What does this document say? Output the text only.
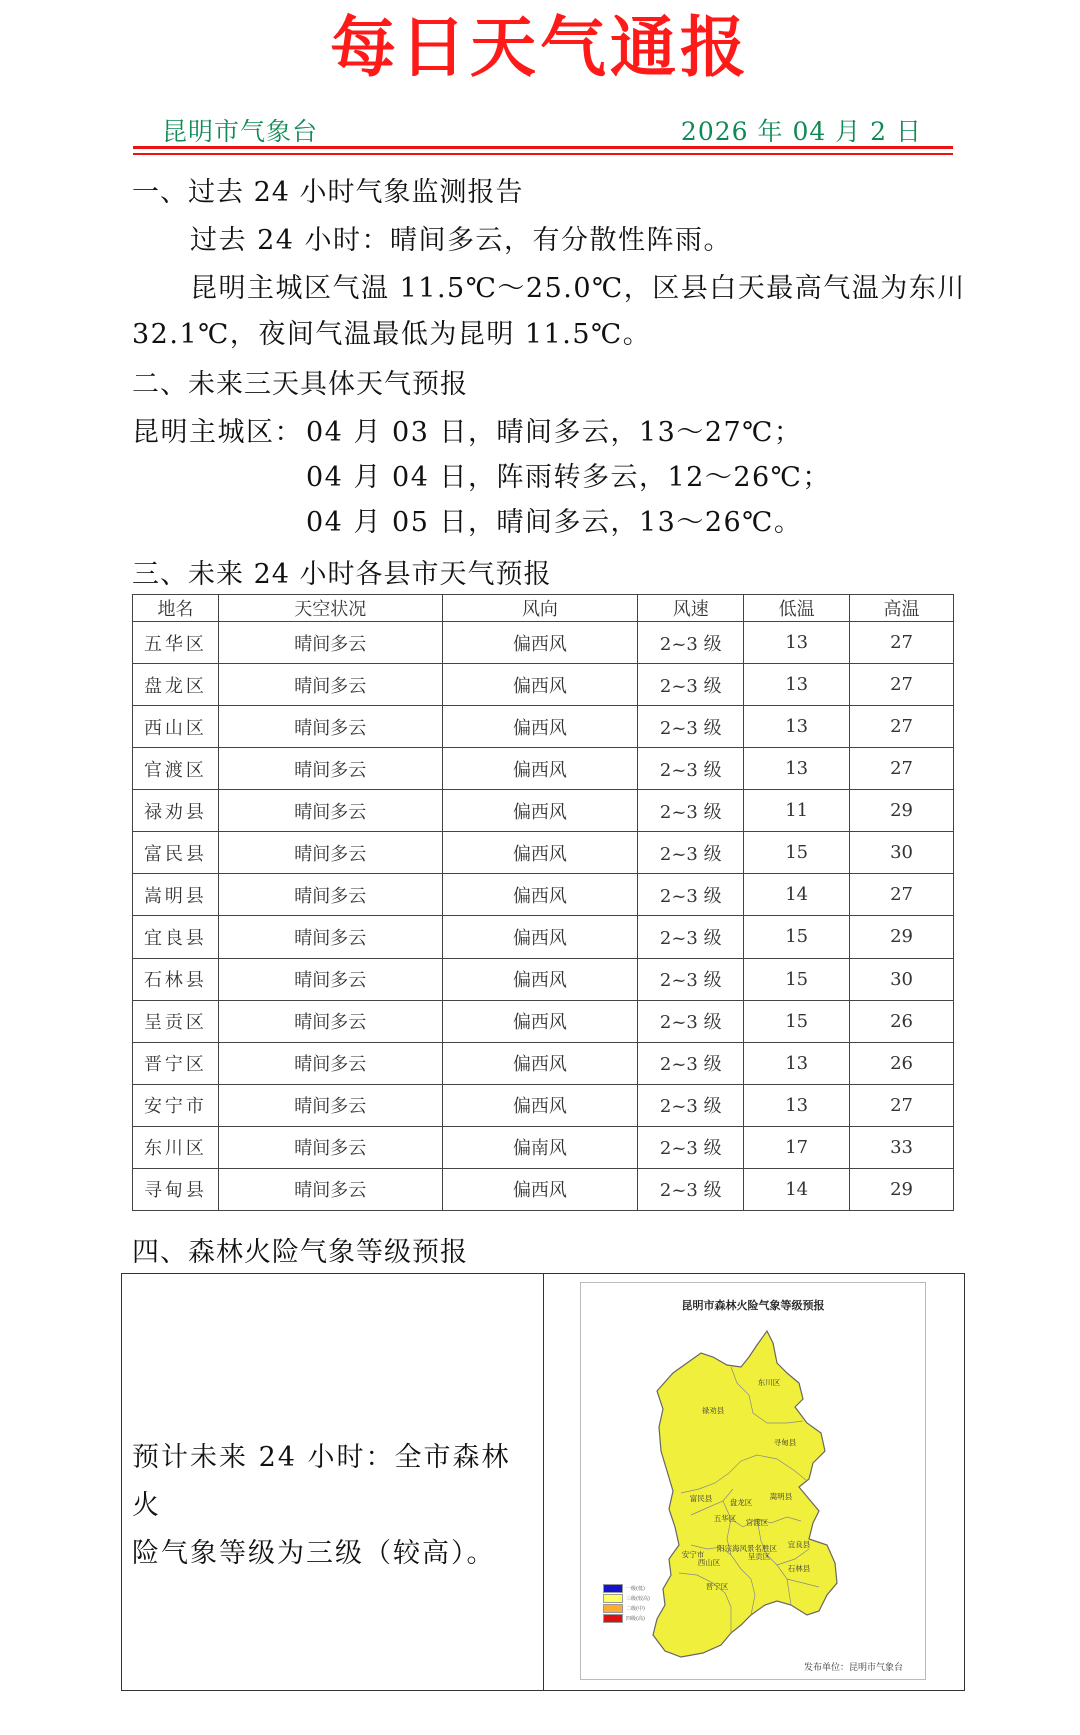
每日天气通报
昆明市气象台	2026 年 04 月 2 日
一、过去 24 小时气象监测报告
过去 24 小时：晴间多云，有分散性阵雨。
昆明主城区气温 11.5℃～25.0℃，区县白天最高气温为东川
32.1℃，夜间气温最低为昆明 11.5℃。
二、未来三天具体天气预报
昆明主城区： 04 月 03 日，晴间多云，13～27℃；
04 月 04 日，阵雨转多云，12～26℃；
04 月 05 日，晴间多云，13～26℃。
三、未来 24 小时各县市天气预报
地名	天空状况	风向	风速	低温	高温
五华区	晴间多云	偏西风	2~3 级	13	27
盘龙区	晴间多云	偏西风	2~3 级	13	27
西山区	晴间多云	偏西风	2~3 级	13	27
官渡区	晴间多云	偏西风	2~3 级	13	27
禄劝县	晴间多云	偏西风	2~3 级	11	29
富民县	晴间多云	偏西风	2~3 级	15	30
嵩明县	晴间多云	偏西风	2~3 级	14	27
宜良县	晴间多云	偏西风	2~3 级	15	29
石林县	晴间多云	偏西风	2~3 级	15	30
呈贡区	晴间多云	偏西风	2~3 级	15	26
晋宁区	晴间多云	偏西风	2~3 级	13	26
安宁市	晴间多云	偏西风	2~3 级	13	27
东川区	晴间多云	偏南风	2~3 级	17	33
寻甸县	晴间多云	偏西风	2~3 级	14	29
四、森林火险气象等级预报
预计未来 24 小时：全市森林火
险气象等级为三级（较高）。
昆明市森林火险气象等级预报
东川区
禄劝县
寻甸县
富民县 盘龙区
嵩明县
五华区 官渡区
阳宗海风景名胜区 宜良县
安宁市
西山区
呈贡区
晋宁区
石林县
一级(低)
三级(较高)
二级(中)
四级(高)
发布单位：昆明市气象台
